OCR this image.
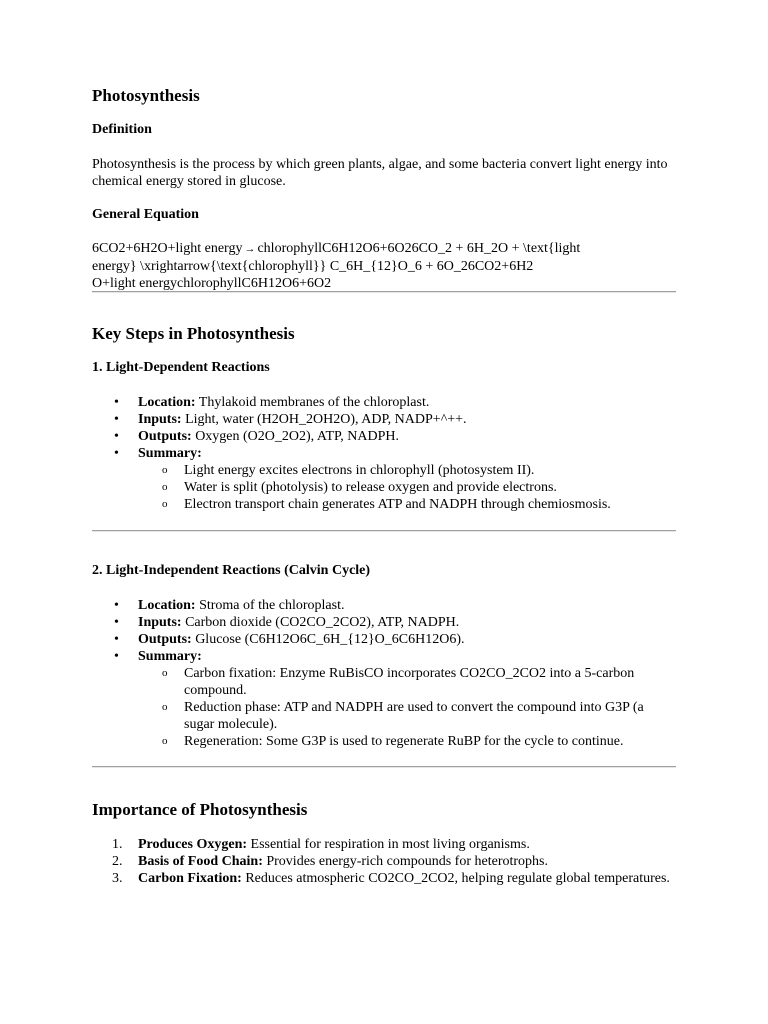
Photosynthesis
Definition
Photosynthesis is the process by which green plants, algae, and some bacteria convert light energy into chemical energy stored in glucose.
General Equation
6CO2+6H2O+light energy → chlorophyllC6H12O6+6O26CO_2 + 6H_2O + \text{light
energy} \xrightarrow{\text{chlorophyll}} C_6H_{12}O_6 + 6O_26CO2+6H2
O+light energychlorophyllC6H12O6+6O2
Key Steps in Photosynthesis
1. Light-Dependent Reactions
•	Location: Thylakoid membranes of the chloroplast.
•	Inputs: Light, water (H2OH_2OH2O), ADP, NADP+^++.
•	Outputs: Oxygen (O2O_2O2), ATP, NADPH.
•	Summary:
o	Light energy excites electrons in chlorophyll (photosystem II).
o	Water is split (photolysis) to release oxygen and provide electrons.
o	Electron transport chain generates ATP and NADPH through chemiosmosis.
2. Light-Independent Reactions (Calvin Cycle)
•	Location: Stroma of the chloroplast.
•	Inputs: Carbon dioxide (CO2CO_2CO2), ATP, NADPH.
•	Outputs: Glucose (C6H12O6C_6H_{12}O_6C6H12O6).
•	Summary:
o	Carbon fixation: Enzyme RuBisCO incorporates CO2CO_2CO2 into a 5-carbon compound.
o	Reduction phase: ATP and NADPH are used to convert the compound into G3P (a sugar molecule).
o	Regeneration: Some G3P is used to regenerate RuBP for the cycle to continue.
Importance of Photosynthesis
1.	Produces Oxygen: Essential for respiration in most living organisms.
2.	Basis of Food Chain: Provides energy-rich compounds for heterotrophs.
3.	Carbon Fixation: Reduces atmospheric CO2CO_2CO2, helping regulate global temperatures.
